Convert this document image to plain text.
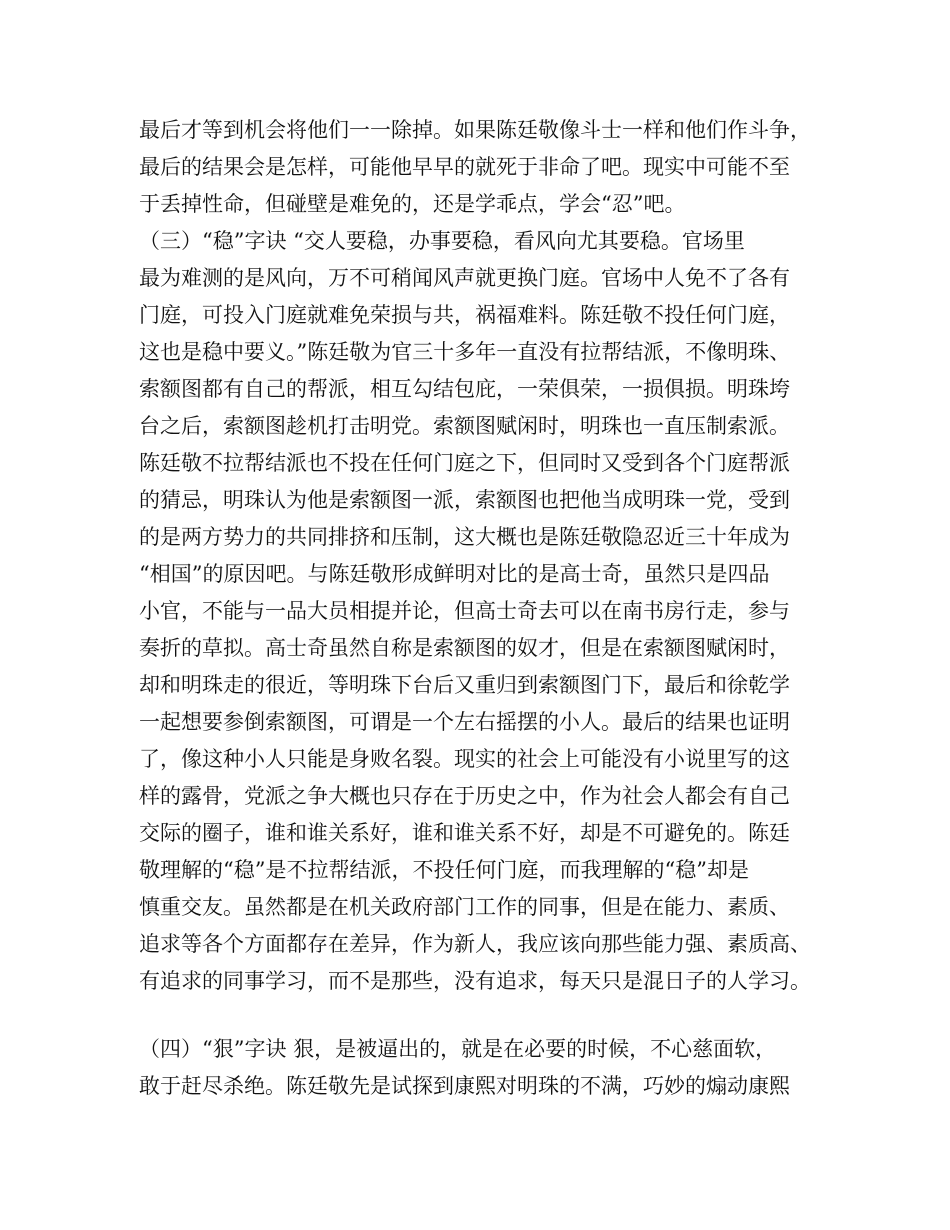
最后才等到机会将他们一一除掉。如果陈廷敬像斗士一样和他们作斗争，
最后的结果会是怎样，可能他早早的就死于非命了吧。现实中可能不至
于丢掉性命，但碰壁是难免的，还是学乖点，学会“忍”吧。
（三）“稳”字诀 “交人要稳，办事要稳，看风向尤其要稳。官场里
最为难测的是风向，万不可稍闻风声就更换门庭。官场中人免不了各有
门庭，可投入门庭就难免荣损与共，祸福难料。陈廷敬不投任何门庭，
这也是稳中要义。”陈廷敬为官三十多年一直没有拉帮结派，不像明珠、
索额图都有自己的帮派，相互勾结包庇，一荣俱荣，一损俱损。明珠垮
台之后，索额图趁机打击明党。索额图赋闲时，明珠也一直压制索派。
陈廷敬不拉帮结派也不投在任何门庭之下，但同时又受到各个门庭帮派
的猜忌，明珠认为他是索额图一派，索额图也把他当成明珠一党，受到
的是两方势力的共同排挤和压制，这大概也是陈廷敬隐忍近三十年成为
“相国”的原因吧。与陈廷敬形成鲜明对比的是高士奇，虽然只是四品
小官，不能与一品大员相提并论，但高士奇去可以在南书房行走，参与
奏折的草拟。高士奇虽然自称是索额图的奴才，但是在索额图赋闲时，
却和明珠走的很近，等明珠下台后又重归到索额图门下，最后和徐乾学
一起想要参倒索额图，可谓是一个左右摇摆的小人。最后的结果也证明
了，像这种小人只能是身败名裂。现实的社会上可能没有小说里写的这
样的露骨，党派之争大概也只存在于历史之中，作为社会人都会有自己
交际的圈子，谁和谁关系好，谁和谁关系不好，却是不可避免的。陈廷
敬理解的“稳”是不拉帮结派，不投任何门庭，而我理解的“稳”却是
慎重交友。虽然都是在机关政府部门工作的同事，但是在能力、素质、
追求等各个方面都存在差异，作为新人，我应该向那些能力强、素质高、
有追求的同事学习，而不是那些，没有追求，每天只是混日子的人学习。
（四）“狠”字诀 狠，是被逼出的，就是在必要的时候，不心慈面软，
敢于赶尽杀绝。陈廷敬先是试探到康熙对明珠的不满，巧妙的煽动康熙
